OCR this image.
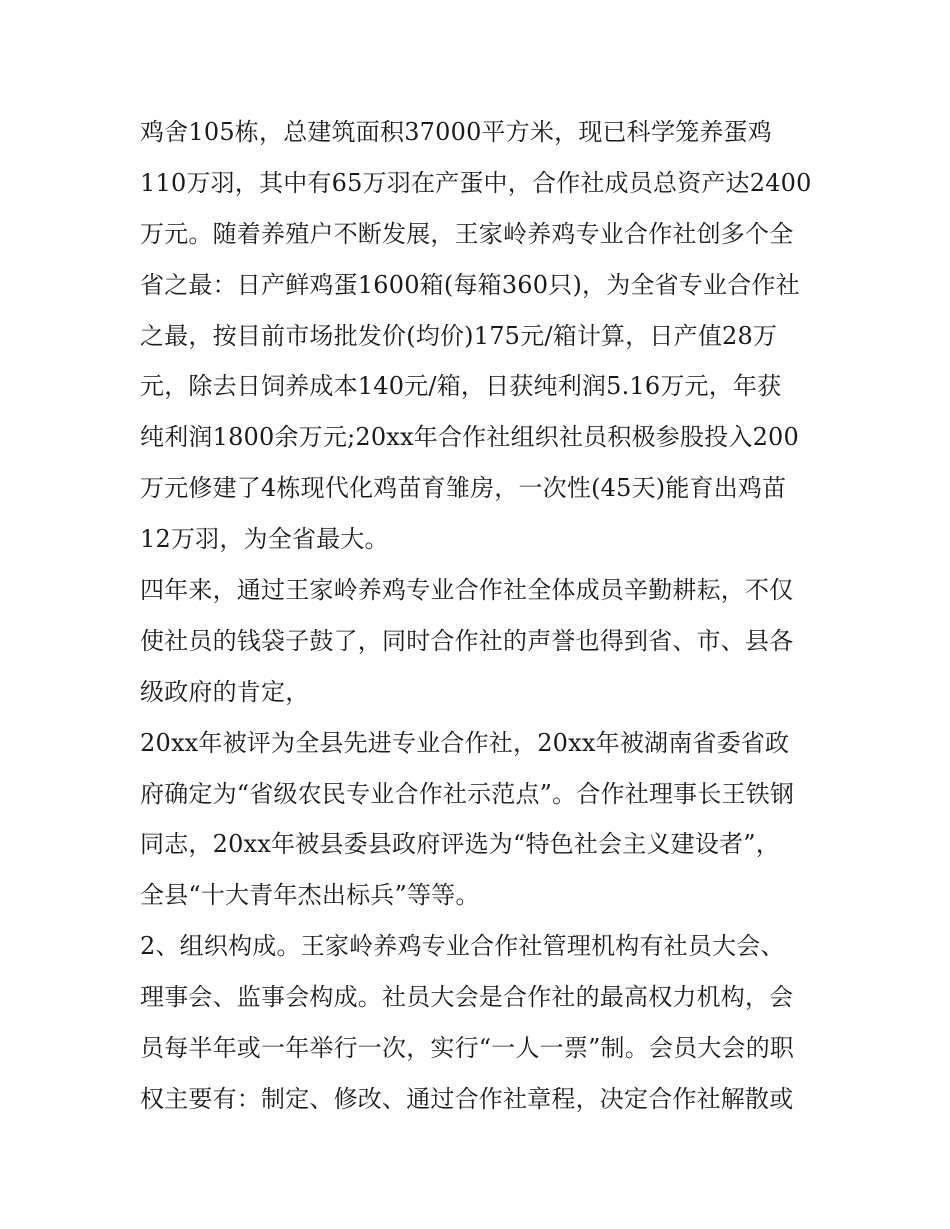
鸡舍105栋，总建筑面积37000平方米，现已科学笼养蛋鸡
110万羽，其中有65万羽在产蛋中，合作社成员总资产达2400
万元。随着养殖户不断发展，王家岭养鸡专业合作社创多个全
省之最：日产鲜鸡蛋1600箱(每箱360只)，为全省专业合作社
之最，按目前市场批发价(均价)175元/箱计算，日产值28万
元，除去日饲养成本140元/箱，日获纯利润5.16万元，年获
纯利润1800余万元;20xx年合作社组织社员积极参股投入200
万元修建了4栋现代化鸡苗育雏房，一次性(45天)能育出鸡苗
12万羽，为全省最大。
四年来，通过王家岭养鸡专业合作社全体成员辛勤耕耘，不仅
使社员的钱袋子鼓了，同时合作社的声誉也得到省、市、县各
级政府的肯定，
20xx年被评为全县先进专业合作社，20xx年被湖南省委省政
府确定为“省级农民专业合作社示范点”。合作社理事长王铁钢
同志，20xx年被县委县政府评选为“特色社会主义建设者”，
全县“十大青年杰出标兵”等等。
2、组织构成。王家岭养鸡专业合作社管理机构有社员大会、
理事会、监事会构成。社员大会是合作社的最高权力机构，会
员每半年或一年举行一次，实行“一人一票”制。会员大会的职
权主要有：制定、修改、通过合作社章程，决定合作社解散或
